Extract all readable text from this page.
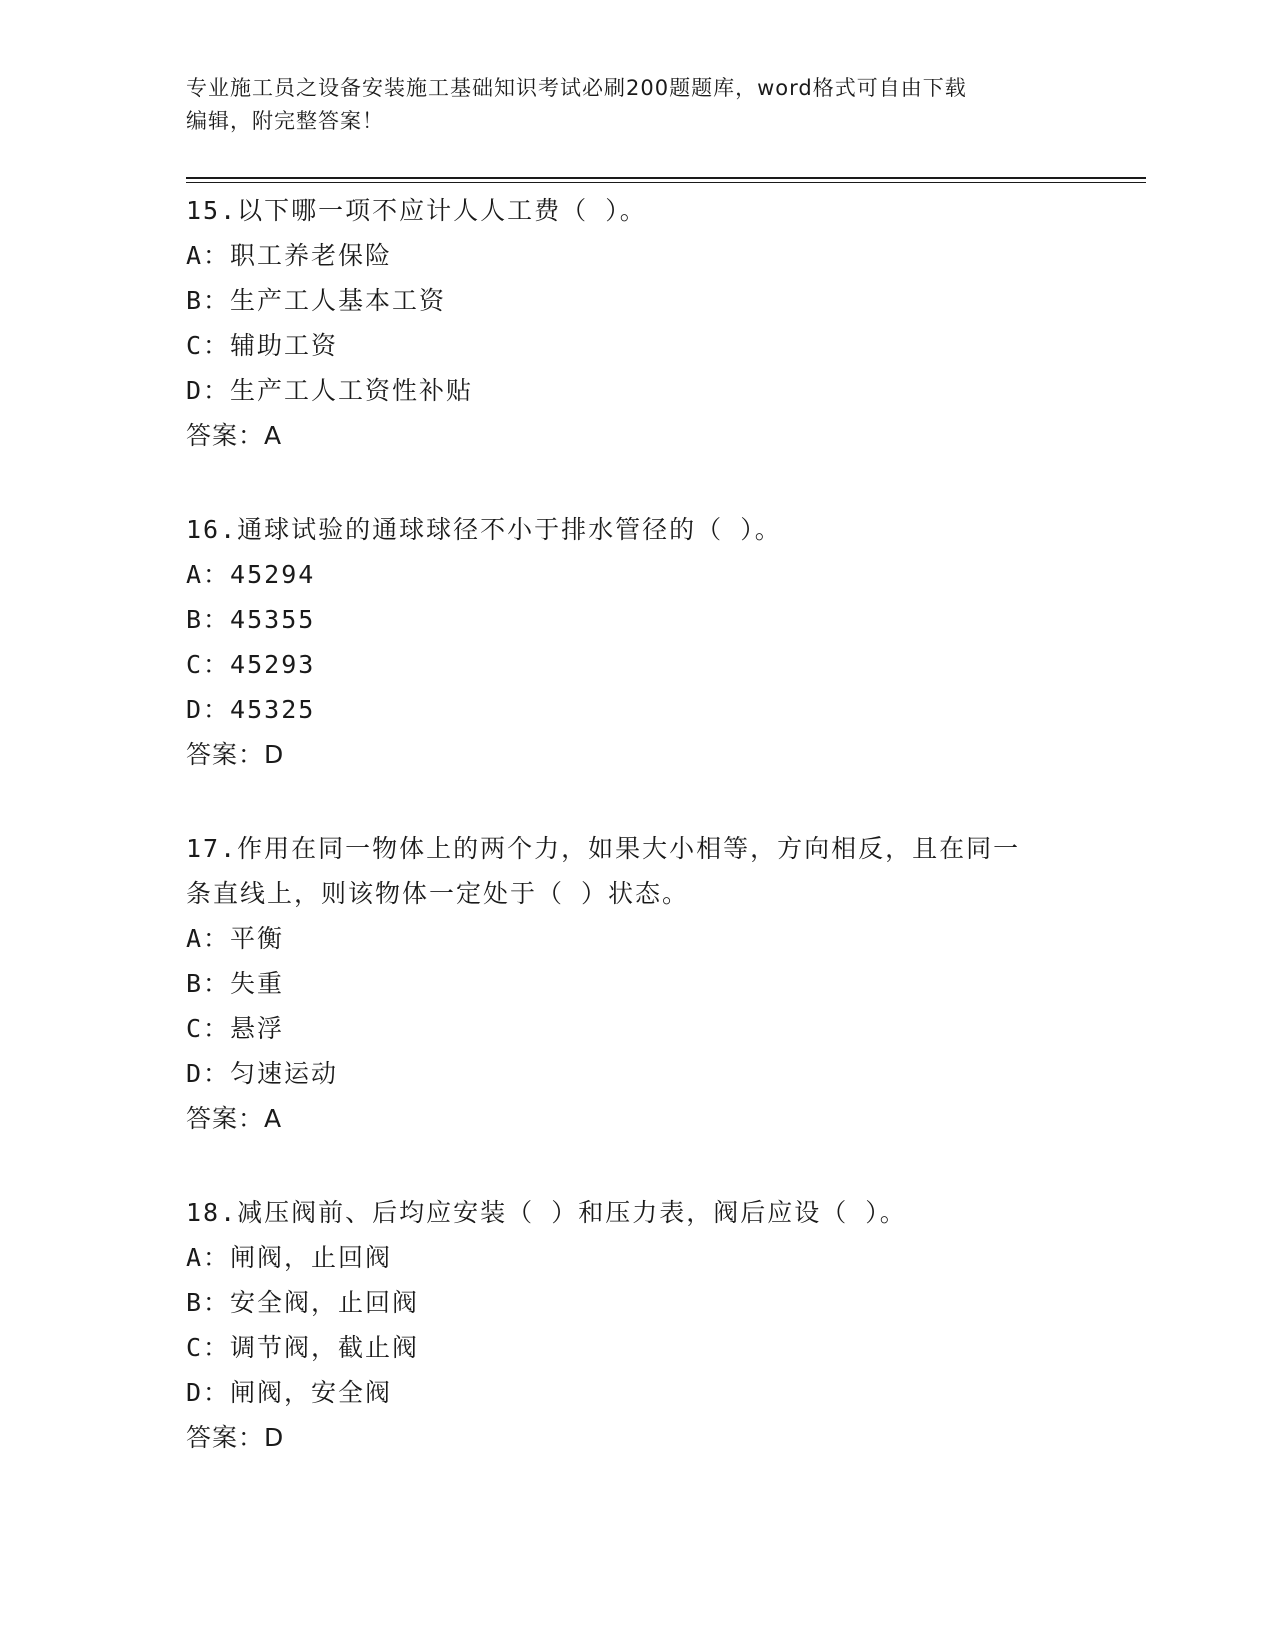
专业施工员之设备安装施工基础知识考试必刷200题题库，word格式可自由下载
编辑，附完整答案！
15.以下哪一项不应计人人工费（ ）。
A：职工养老保险
B：生产工人基本工资
C：辅助工资
D：生产工人工资性补贴
答案：A
16.通球试验的通球球径不小于排水管径的（ ）。
A：45294
B：45355
C：45293
D：45325
答案：D
17.作用在同一物体上的两个力，如果大小相等，方向相反，且在同一
条直线上，则该物体一定处于（ ）状态。
A：平衡
B：失重
C：悬浮
D：匀速运动
答案：A
18.减压阀前、后均应安装（ ）和压力表，阀后应设（ ）。
A：闸阀，止回阀
B：安全阀，止回阀
C：调节阀，截止阀
D：闸阀，安全阀
答案：D
